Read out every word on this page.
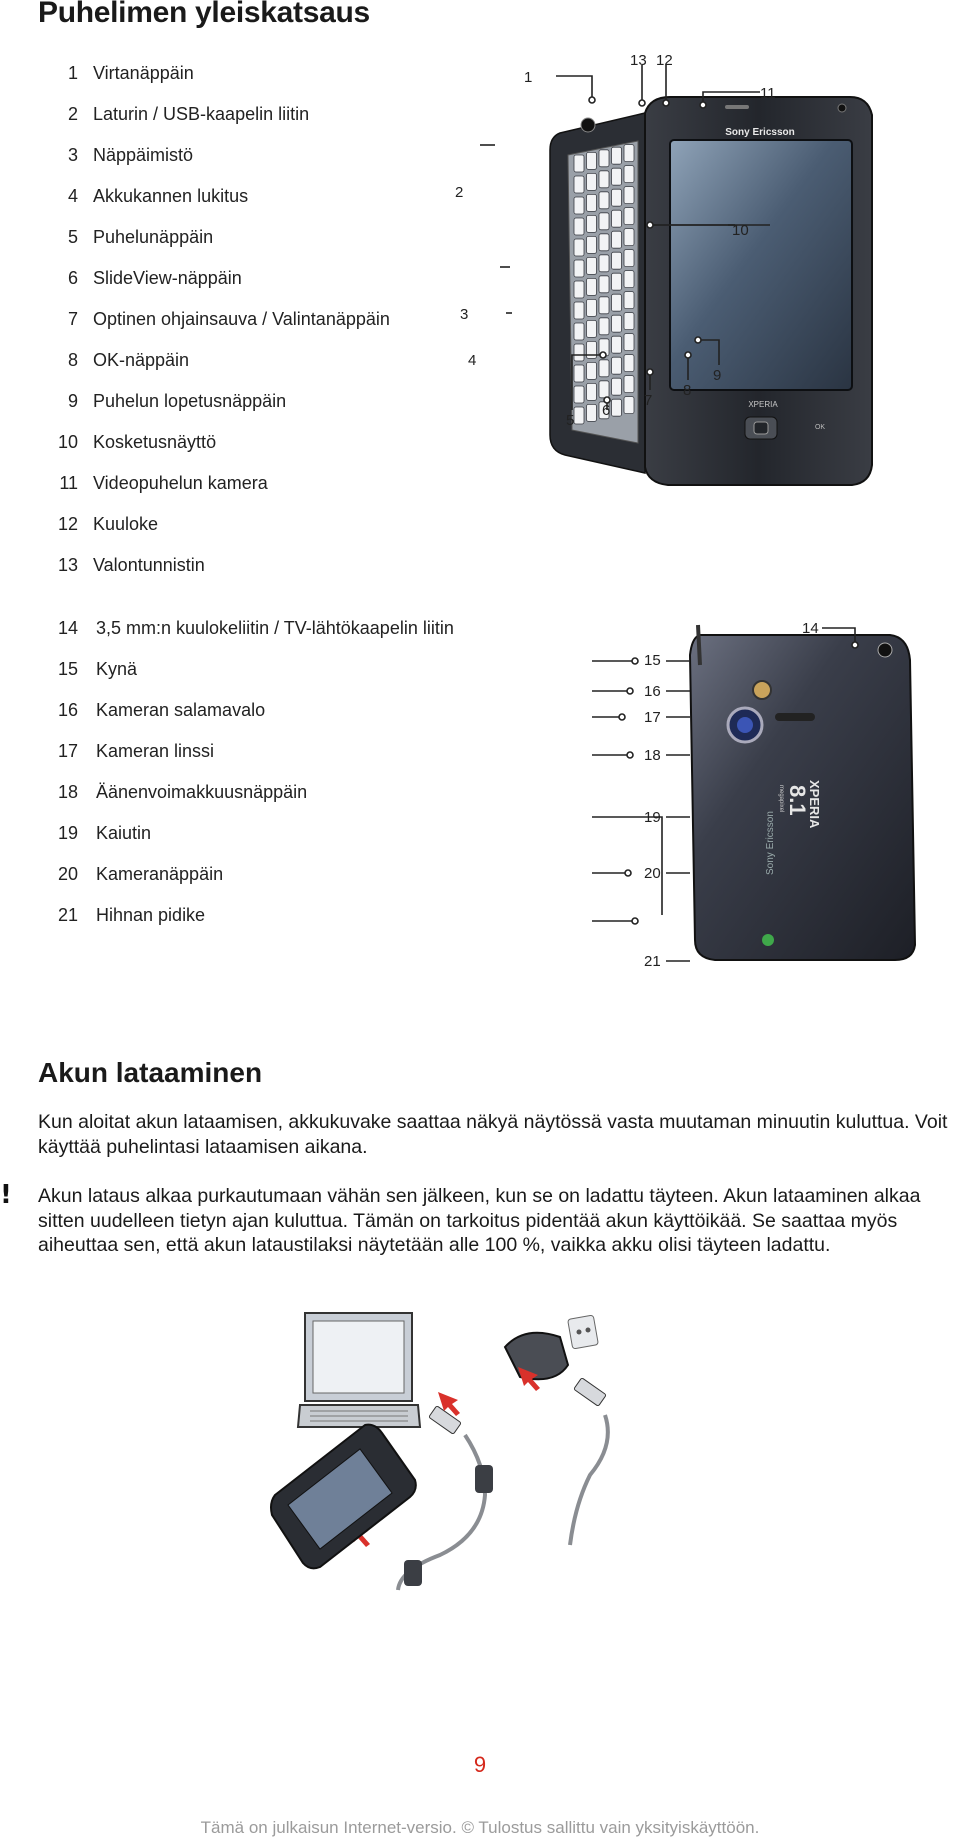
Puhelimen yleiskatsaus
1 Virtanäppäin
2 Laturin / USB-kaapelin liitin
3 Näppäimistö
4 Akkukannen lukitus
5 Puhelunäppäin
6 SlideView-näppäin
7 Optinen ohjainsauva / Valintanäppäin
8 OK-näppäin
9 Puhelun lopetusnäppäin
10 Kosketusnäyttö
11 Videopuhelun kamera
12 Kuuloke
13 Valontunnistin
Sony Ericsson
XPERIA
OK
1
2
3
4
5
6
7
8
9
10
11
12
13
14 3,5 mm:n kuulokeliitin / TV-lähtökaapelin liitin
15 Kynä
16 Kameran salamavalo
17 Kameran linssi
18 Äänenvoimakkuusnäppäin
19 Kaiutin
20 Kameranäppäin
21 Hihnan pidike
8.1
megapixel XPERIA
Sony Ericsson
14
15
16
17
18
19
20
21
Akun lataaminen

Kun aloitat akun lataamisen, akkukuvake saattaa näkyä näytössä vasta muutaman minuutin kuluttua. Voit käyttää puhelintasi lataamisen aikana.

! Akun lataus alkaa purkautumaan vähän sen jälkeen, kun se on ladattu täyteen. Akun lataaminen alkaa sitten uudelleen tietyn ajan kuluttua. Tämän on tarkoitus pidentää akun käyttöikää. Se saattaa myös aiheuttaa sen, että akun lataustilaksi näytetään alle 100 %, vaikka akku olisi täyteen ladattu.

9
Tämä on julkaisun Internet-versio. © Tulostus sallittu vain yksityiskäyttöön.
